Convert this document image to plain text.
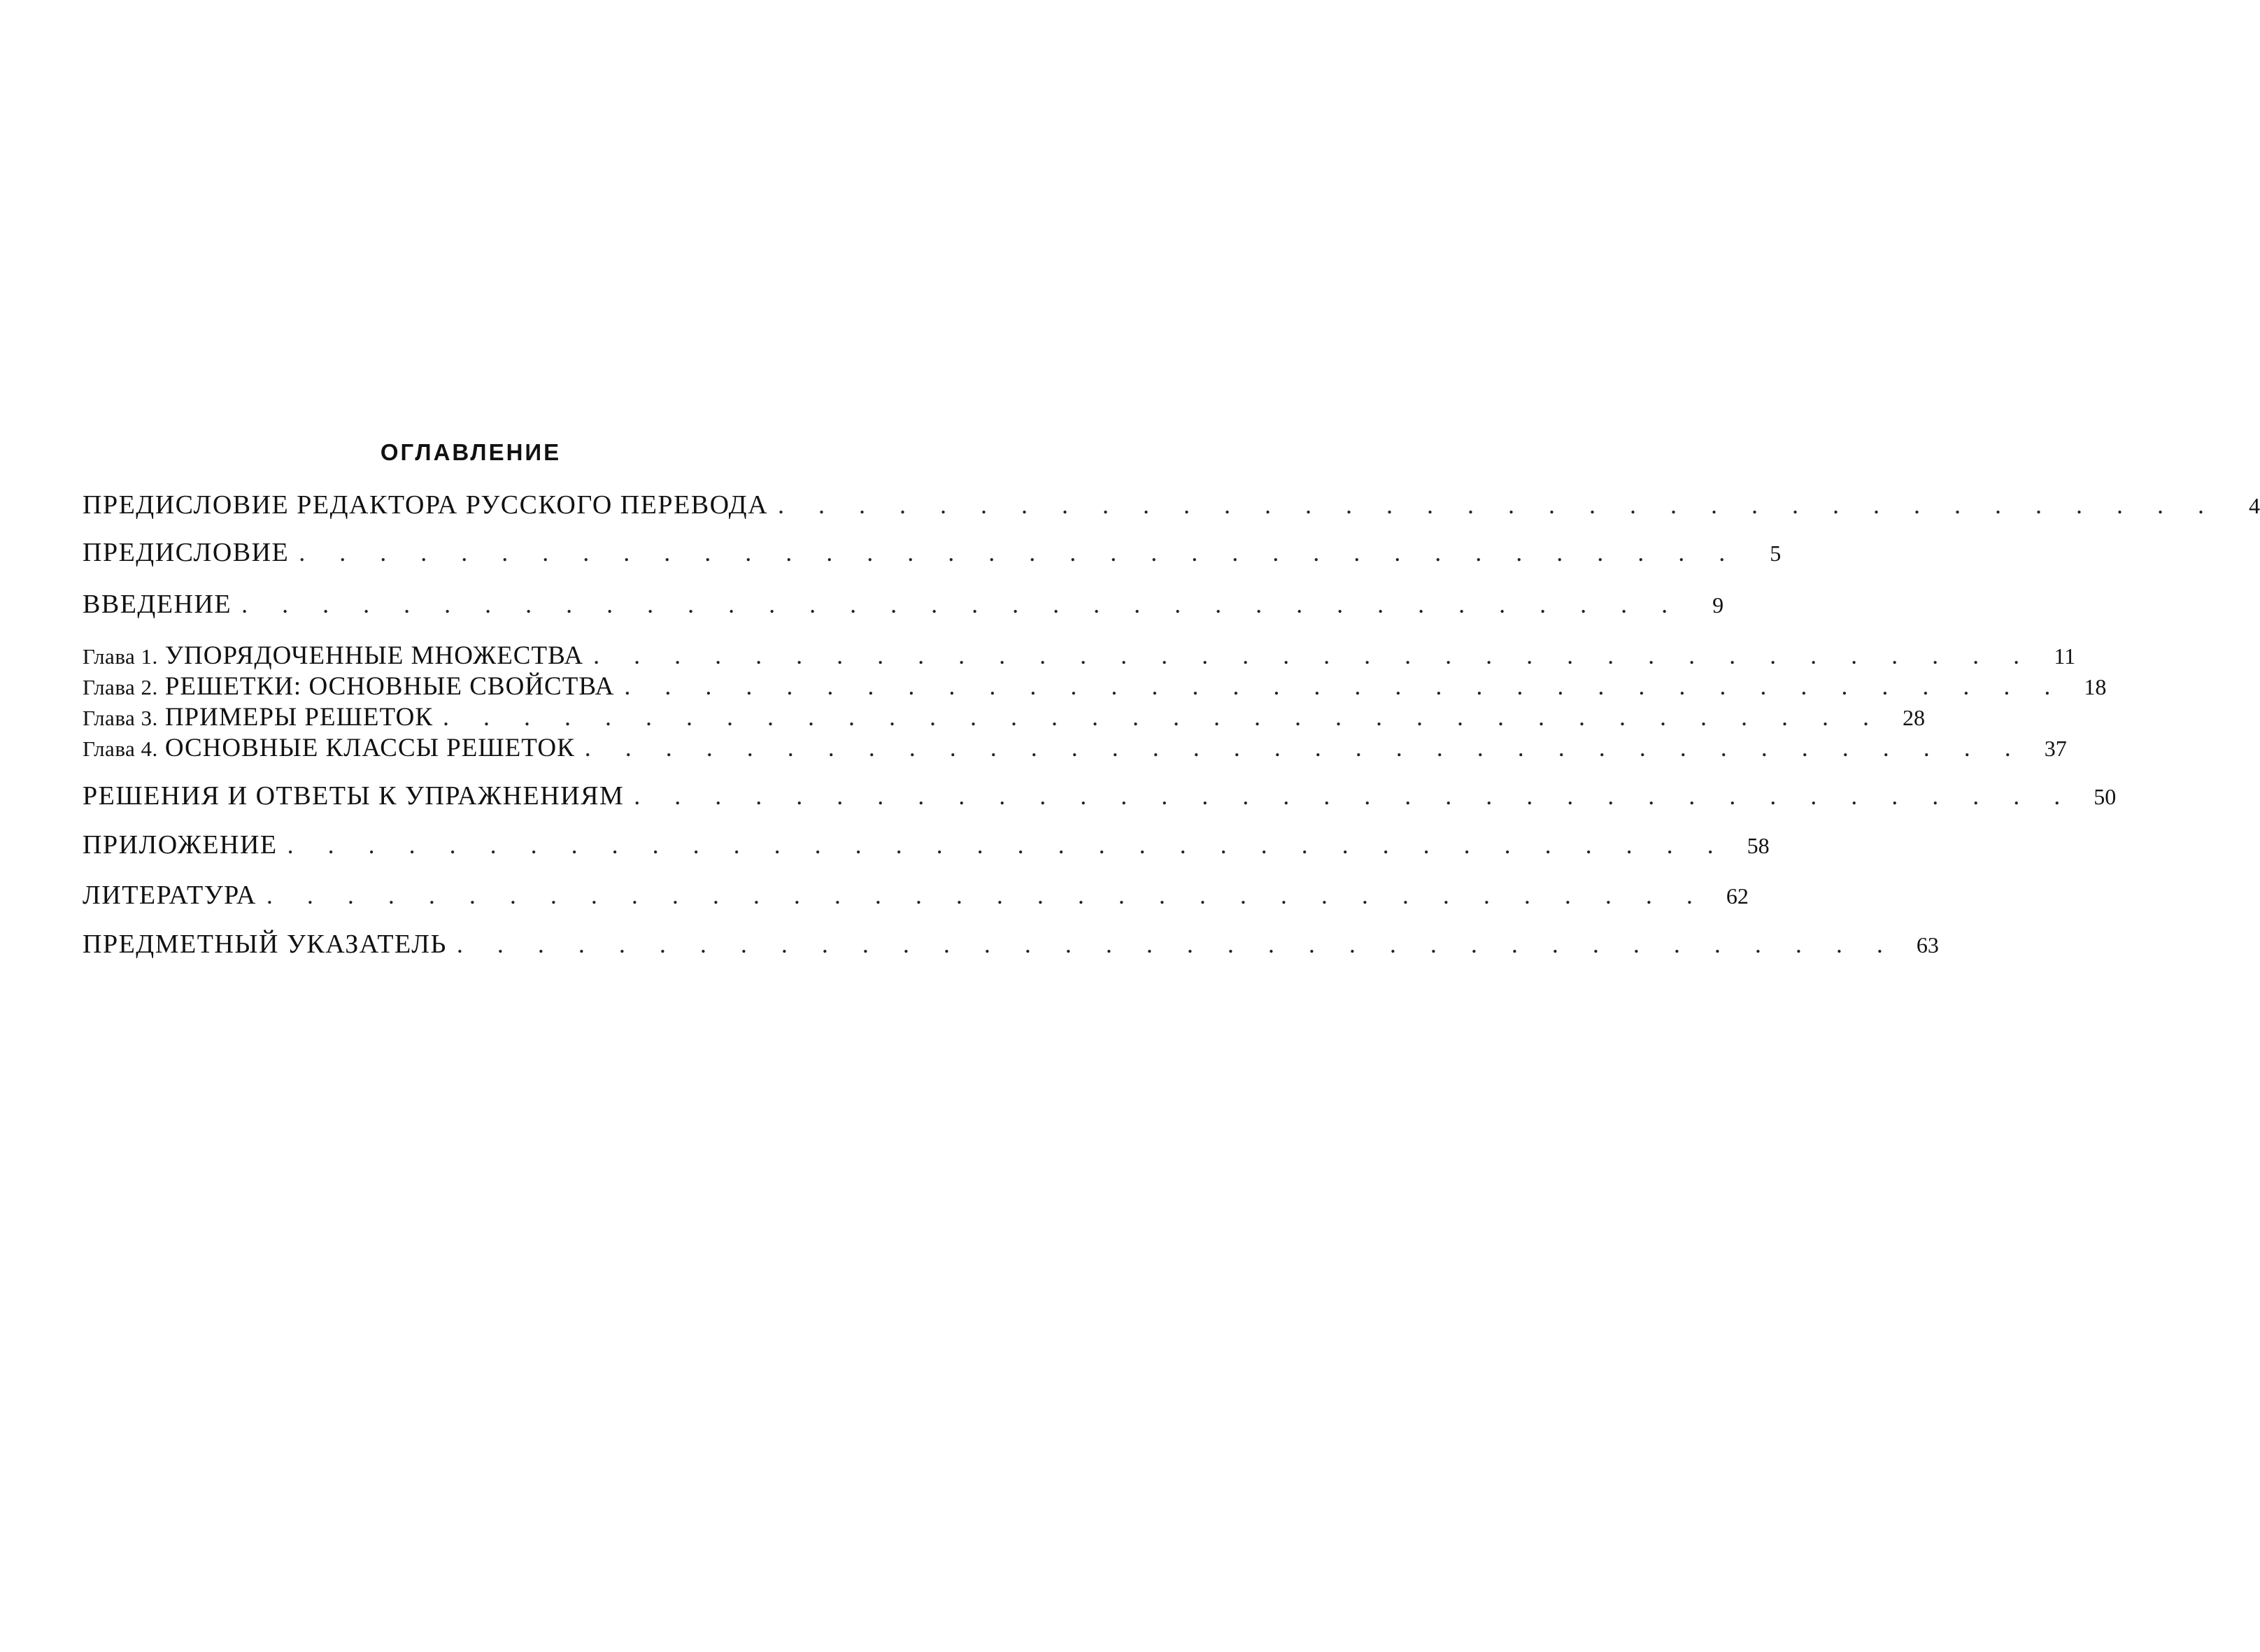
ОГЛАВЛЕНИЕ
ПРЕДИСЛОВИЕ РЕДАКТОРА РУССКОГО ПЕРЕВОДА . . . . . . . . . . . . . . . . . . . . . . . . . . . . . . . . . . . .	4
ПРЕДИСЛОВИЕ . . . . . . . . . . . . . . . . . . . . . . . . . . . . . . . . . . . .	5
ВВЕДЕНИЕ . . . . . . . . . . . . . . . . . . . . . . . . . . . . . . . . . . . .	9
Глава 1. УПОРЯДОЧЕННЫЕ МНОЖЕСТВА . . . . . . . . . . . . . . . . . . . . . . . . . . . . . . . . . . . . 11
Глава 2. РЕШЕТКИ: ОСНОВНЫЕ СВОЙСТВА . . . . . . . . . . . . . . . . . . . . . . . . . . . . . . . . . . . . 18
Глава 3. ПРИМЕРЫ РЕШЕТОК . . . . . . . . . . . . . . . . . . . . . . . . . . . . . . . . . . . . 28
Глава 4. ОСНОВНЫЕ КЛАССЫ РЕШЕТОК . . . . . . . . . . . . . . . . . . . . . . . . . . . . . . . . . . . . 37
РЕШЕНИЯ И ОТВЕТЫ К УПРАЖНЕНИЯМ . . . . . . . . . . . . . . . . . . . . . . . . . . . . . . . . . . . . 50
ПРИЛОЖЕНИЕ . . . . . . . . . . . . . . . . . . . . . . . . . . . . . . . . . . . . 58
ЛИТЕРАТУРА . . . . . . . . . . . . . . . . . . . . . . . . . . . . . . . . . . . . 62
ПРЕДМЕТНЫЙ УКАЗАТЕЛЬ . . . . . . . . . . . . . . . . . . . . . . . . . . . . . . . . . . . . 63
